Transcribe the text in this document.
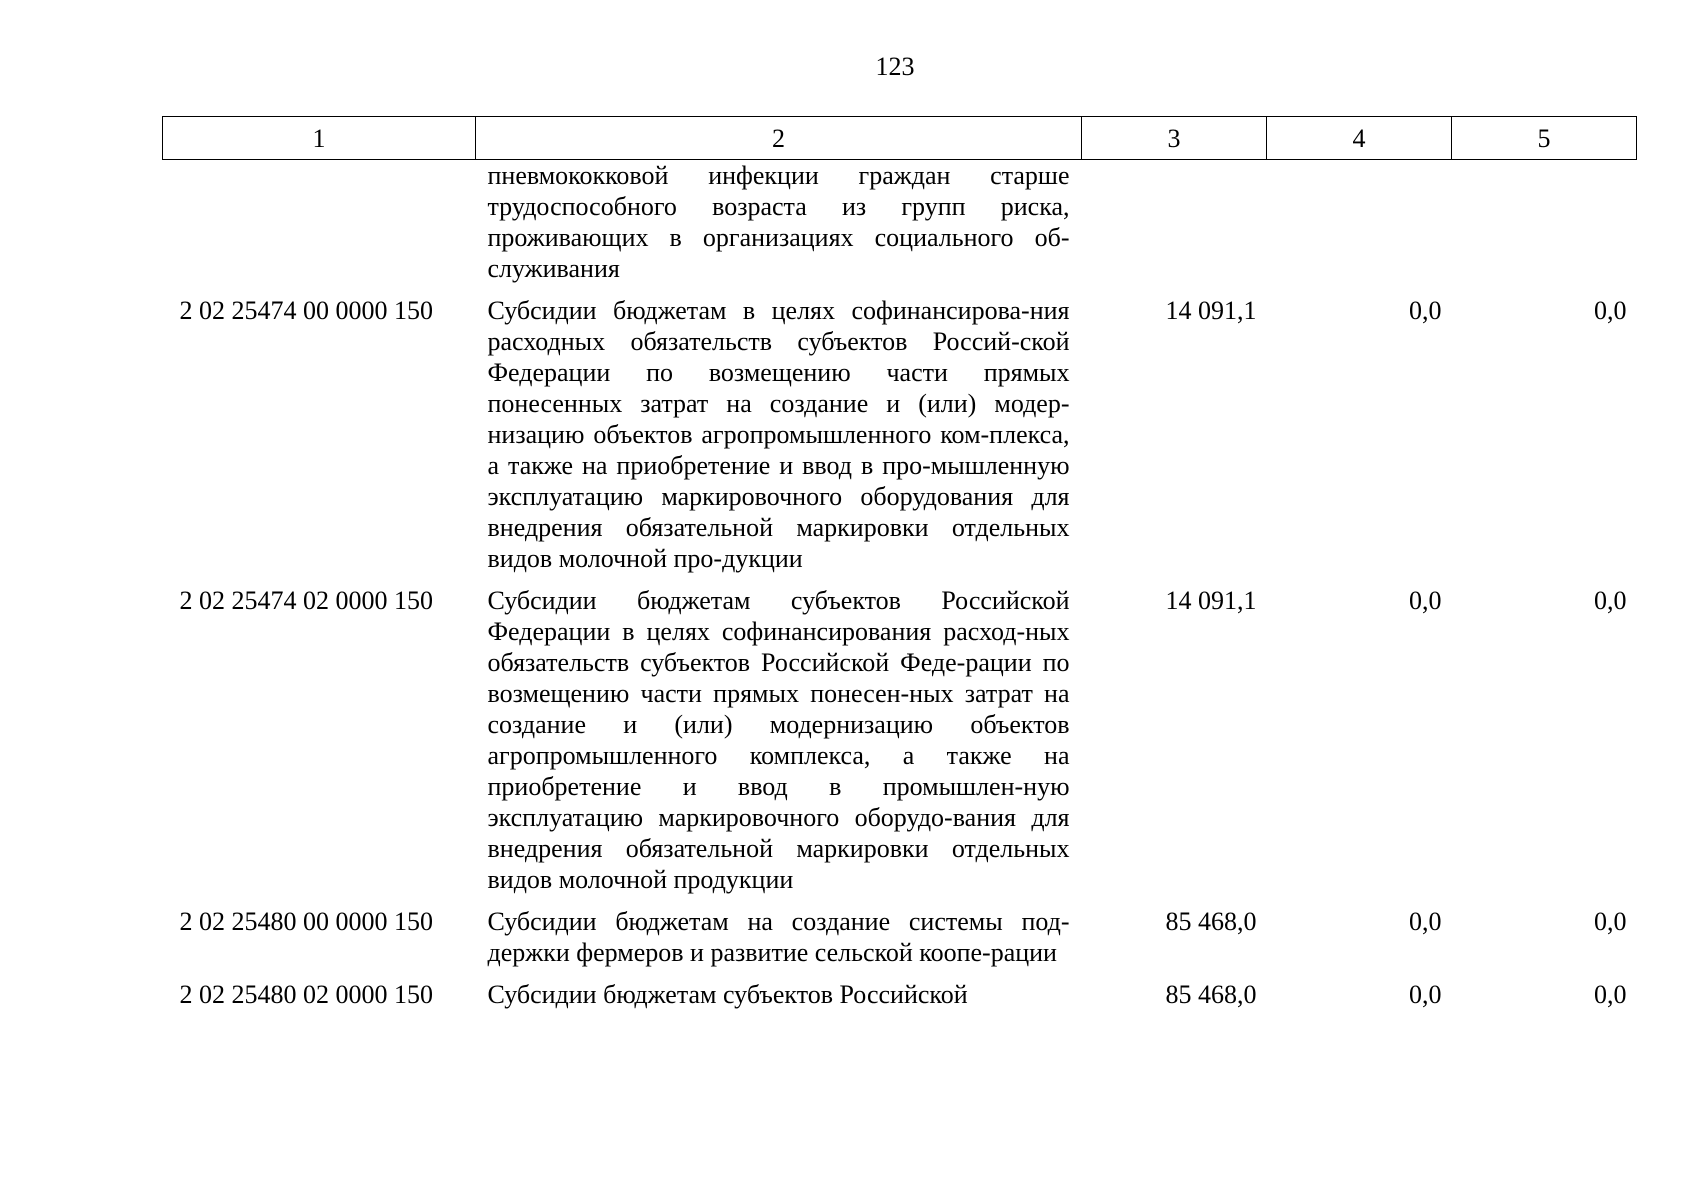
123
1	2	3	4	5
	пневмококковой инфекции граждан старше трудоспособного возраста из групп риска, проживающих в организациях социального об-служивания			
2 02 25474 00 0000 150	Субсидии бюджетам в целях софинансирова-ния расходных обязательств субъектов Россий-ской Федерации по возмещению части прямых понесенных затрат на создание и (или) модер-низацию объектов агропромышленного ком-плекса, а также на приобретение и ввод в про-мышленную эксплуатацию маркировочного оборудования для внедрения обязательной маркировки отдельных видов молочной про-дукции	14 091,1	0,0	0,0
2 02 25474 02 0000 150	Субсидии бюджетам субъектов Российской Федерации в целях софинансирования расход-ных обязательств субъектов Российской Феде-рации по возмещению части прямых понесен-ных затрат на создание и (или) модернизацию объектов агропромышленного комплекса, а также на приобретение и ввод в промышлен-ную эксплуатацию маркировочного оборудо-вания для внедрения обязательной маркировки отдельных видов молочной продукции	14 091,1	0,0	0,0
2 02 25480 00 0000 150	Субсидии бюджетам на создание системы под-держки фермеров и развитие сельской коопе-рации	85 468,0	0,0	0,0
2 02 25480 02 0000 150	Субсидии бюджетам субъектов Российской	85 468,0	0,0	0,0
